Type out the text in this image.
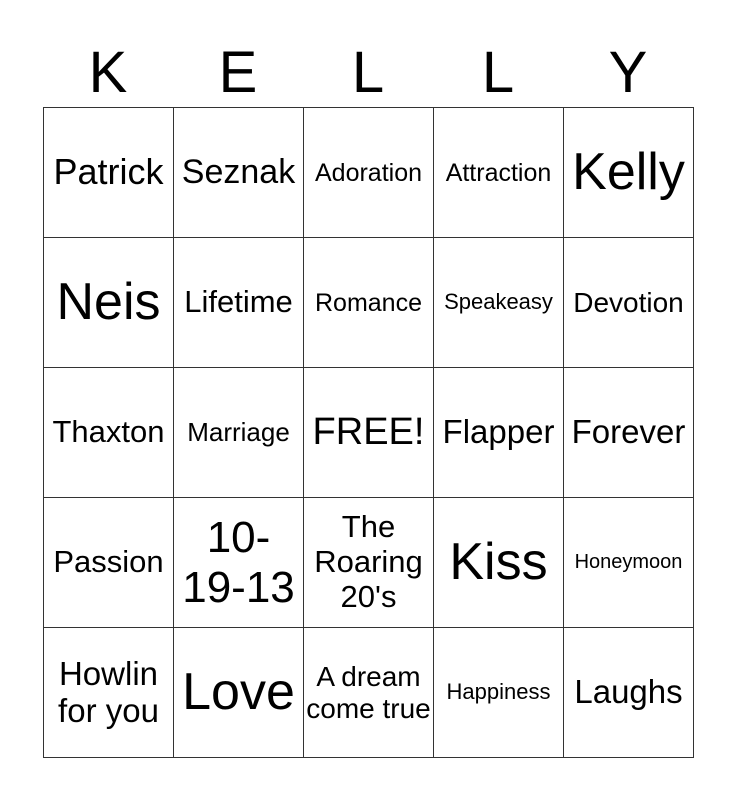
K	E	L	L	Y
Patrick	Seznak	Adoration	Attraction	Kelly
Neis	Lifetime	Romance	Speakeasy	Devotion
Thaxton	Marriage	FREE!	Flapper	Forever
Passion	10-19-13	The Roaring 20's	Kiss	Honeymoon
Howlin for you	Love	A dream come true	Happiness	Laughs
